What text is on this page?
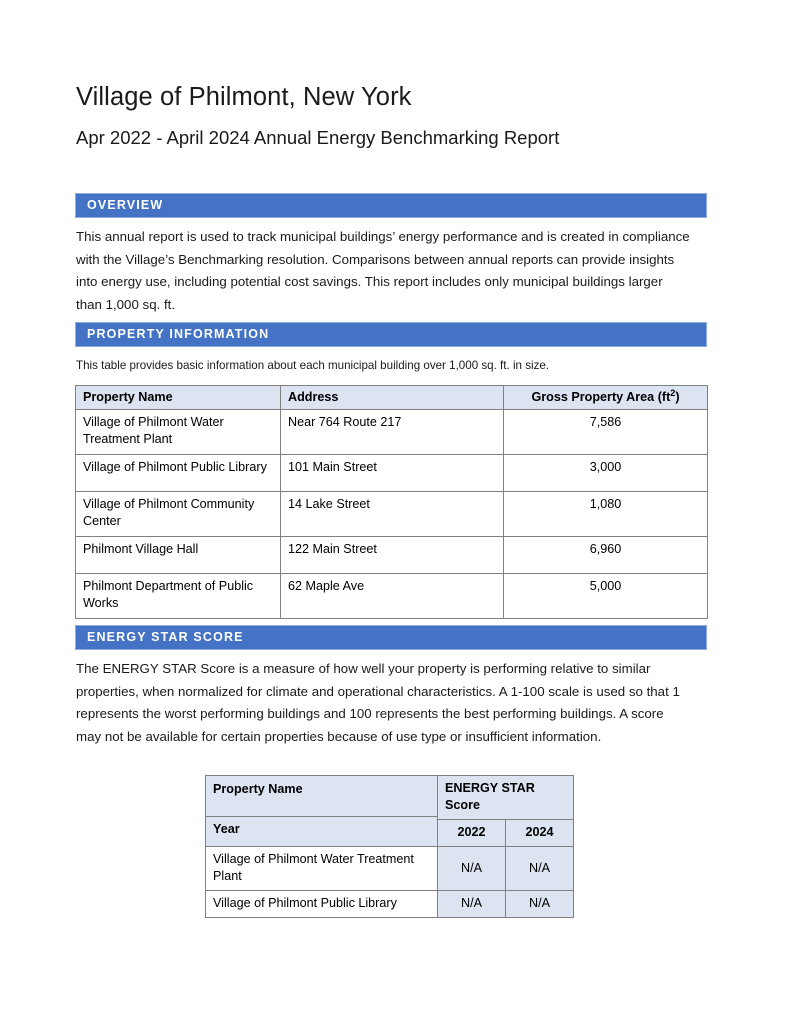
Village of Philmont, New York
Apr 2022 - April 2024 Annual Energy Benchmarking Report
OVERVIEW
This annual report is used to track municipal buildings’ energy performance and is created in compliance with the Village’s Benchmarking resolution. Comparisons between annual reports can provide insights into energy use, including potential cost savings. This report includes only municipal buildings larger than 1,000 sq. ft.
PROPERTY INFORMATION
This table provides basic information about each municipal building over 1,000 sq. ft. in size.
Property Name	Address	Gross Property Area $(ft^2)$
Village of Philmont Water Treatment Plant	Near 764 Route 217	7,586
Village of Philmont Public Library	101 Main Street	3,000
Village of Philmont Community Center	14 Lake Street	1,080
Philmont Village Hall	122 Main Street	6,960
Philmont Department of Public Works	62 Maple Ave	5,000
ENERGY STAR SCORE
The ENERGY STAR Score is a measure of how well your property is performing relative to similar properties, when normalized for climate and operational characteristics. A 1-100 scale is used so that 1 represents the worst performing buildings and 100 represents the best performing buildings. A score may not be available for certain properties because of use type or insufficient information.
Property Name
Year	ENERGY STAR Score	
	2022	2024
Village of Philmont Water Treatment Plant	N/A	N/A
Village of Philmont Public Library	N/A	N/A
